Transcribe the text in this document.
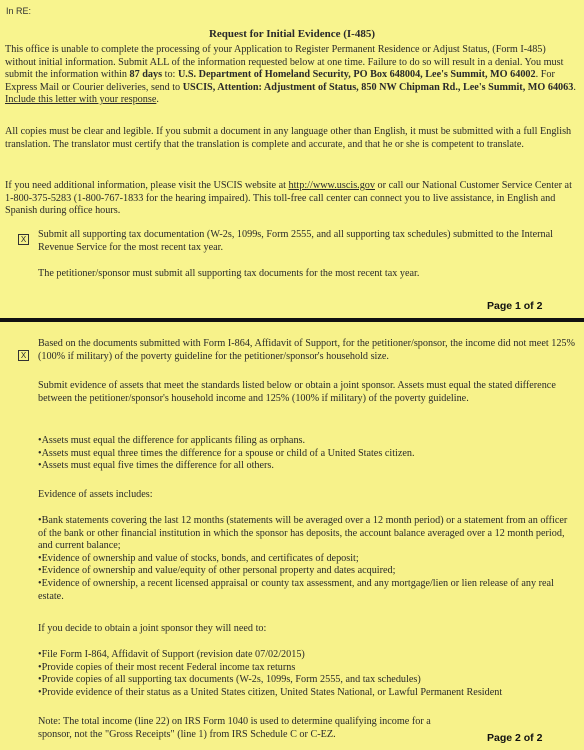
In RE:
Request for Initial Evidence (I-485)

This office is unable to complete the processing of your Application to Register Permanent Residence or Adjust Status, (Form I-485) without initial information. Submit ALL of the information requested below at one time. Failure to do so will result in a denial. You must submit the information within 87 days to: U.S. Department of Homeland Security, PO Box 648004, Lee's Summit, MO 64002. For Express Mail or Courier deliveries, send to USCIS, Attention: Adjustment of Status, 850 NW Chipman Rd., Lee's Summit, MO 64063. Include this letter with your response.

All copies must be clear and legible. If you submit a document in any language other than English, it must be submitted with a full English translation. The translator must certify that the translation is complete and accurate, and that he or she is competent to translate.

If you need additional information, please visit the USCIS website at http://www.uscis.gov or call our National Customer Service Center at 1-800-375-5283 (1-800-767-1833 for the hearing impaired). This toll-free call center can connect you to live assistance, in English and Spanish during office hours.

X Submit all supporting tax documentation (W-2s, 1099s, Form 2555, and all supporting tax schedules) submitted to the Internal Revenue Service for the most recent tax year.

The petitioner/sponsor must submit all supporting tax documents for the most recent tax year.

Page 1 of 2
X

Based on the documents submitted with Form I-864, Affidavit of Support, for the petitioner/sponsor, the income did not meet 125% (100% if military) of the poverty guideline for the petitioner/sponsor's household size.

Submit evidence of assets that meet the standards listed below or obtain a joint sponsor. Assets must equal the stated difference between the petitioner/sponsor's household income and 125% (100% if military) of the poverty guideline.

• Assets must equal the difference for applicants filing as orphans.
• Assets must equal three times the difference for a spouse or child of a United States citizen.
• Assets must equal five times the difference for all others.

Evidence of assets includes:

• Bank statements covering the last 12 months (statements will be averaged over a 12 month period) or a statement from an officer of the bank or other financial institution in which the sponsor has deposits, the account balance averaged over a 12 month period, and current balance;
• Evidence of ownership and value of stocks, bonds, and certificates of deposit;
• Evidence of ownership and value/equity of other personal property and dates acquired;
• Evidence of ownership, a recent licensed appraisal or county tax assessment, and any mortgage/lien or lien release of any real estate.

If you decide to obtain a joint sponsor they will need to:

• File Form I-864, Affidavit of Support (revision date 07/02/2015)
• Provide copies of their most recent Federal income tax returns
• Provide copies of all supporting tax documents (W-2s, 1099s, Form 2555, and tax schedules)
• Provide evidence of their status as a United States citizen, United States National, or Lawful Permanent Resident

Note: The total income (line 22) on IRS Form 1040 is used to determine qualifying income for a sponsor, not the "Gross Receipts" (line 1) from IRS Schedule C or C-EZ.	Page 2 of 2
